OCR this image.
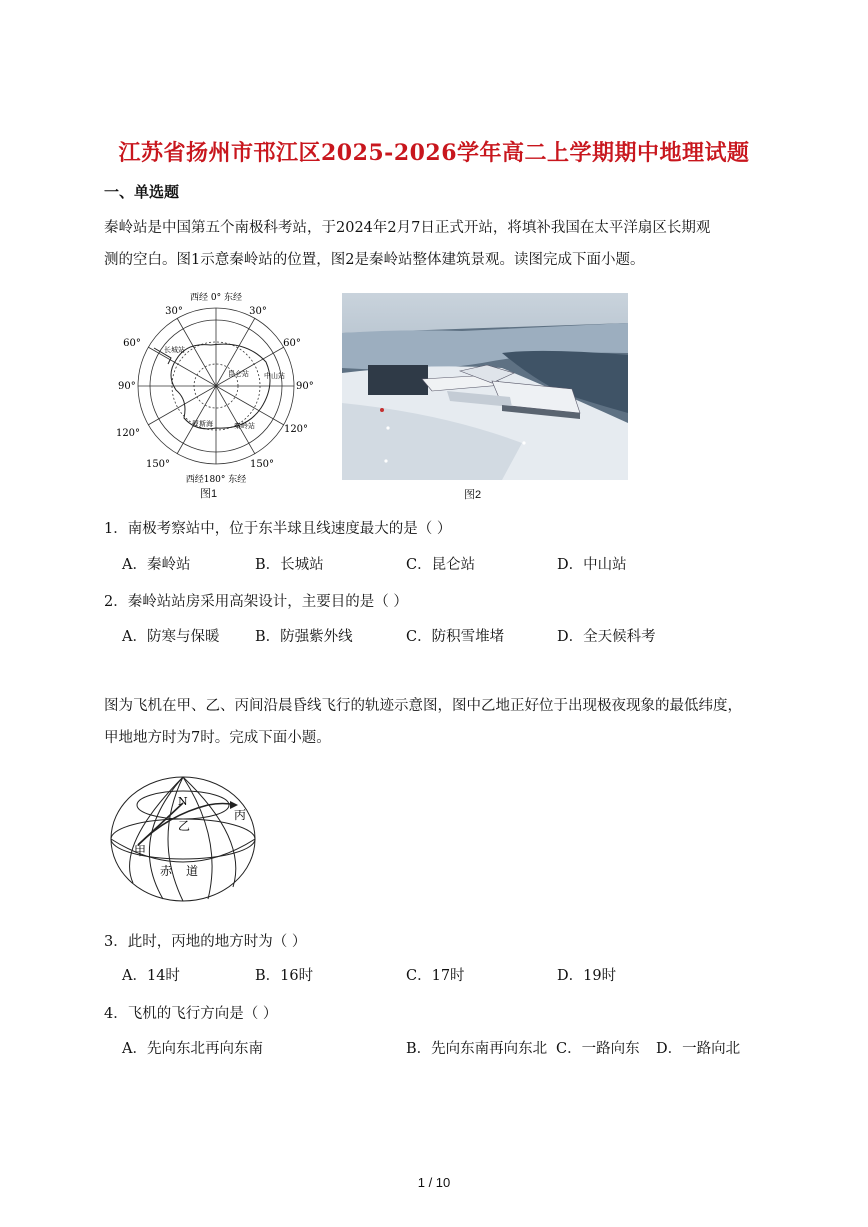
江苏省扬州市邗江区2025-2026学年高二上学期期中地理试题
一、单选题
秦岭站是中国第五个南极科考站，于2024年2月7日正式开站，将填补我国在太平洋扇区长期观
测的空白。图1示意秦岭站的位置，图2是秦岭站整体建筑景观。读图完成下面小题。
西经 0° 东经
西经180° 东经
30°	30°
60°	60°
90°	90°
120°	120°
150°	150°
长城站
昆仑站 中山站
秦岭站
罗斯海
图1	图2
1．南极考察站中，位于东半球且线速度最大的是（ ）
A．秦岭站	B．长城站	C．昆仑站	D．中山站
2．秦岭站站房采用高架设计，主要目的是（ ）
A．防寒与保暖 B．防强紫外线	C．防积雪堆堵	D．全天候科考
图为飞机在甲、乙、丙间沿晨昏线飞行的轨迹示意图，图中乙地正好位于出现极夜现象的最低纬度，
甲地地方时为7时。完成下面小题。
N
甲
乙
丙
赤 道
3．此时，丙地的地方时为（ ）
A．14时	B．16时	C．17时	D．19时
4．飞机的飞行方向是（ ）
A．先向东北再向东南	B．先向东南再向东北 C．一路向东 D．一路向北
1 / 10
